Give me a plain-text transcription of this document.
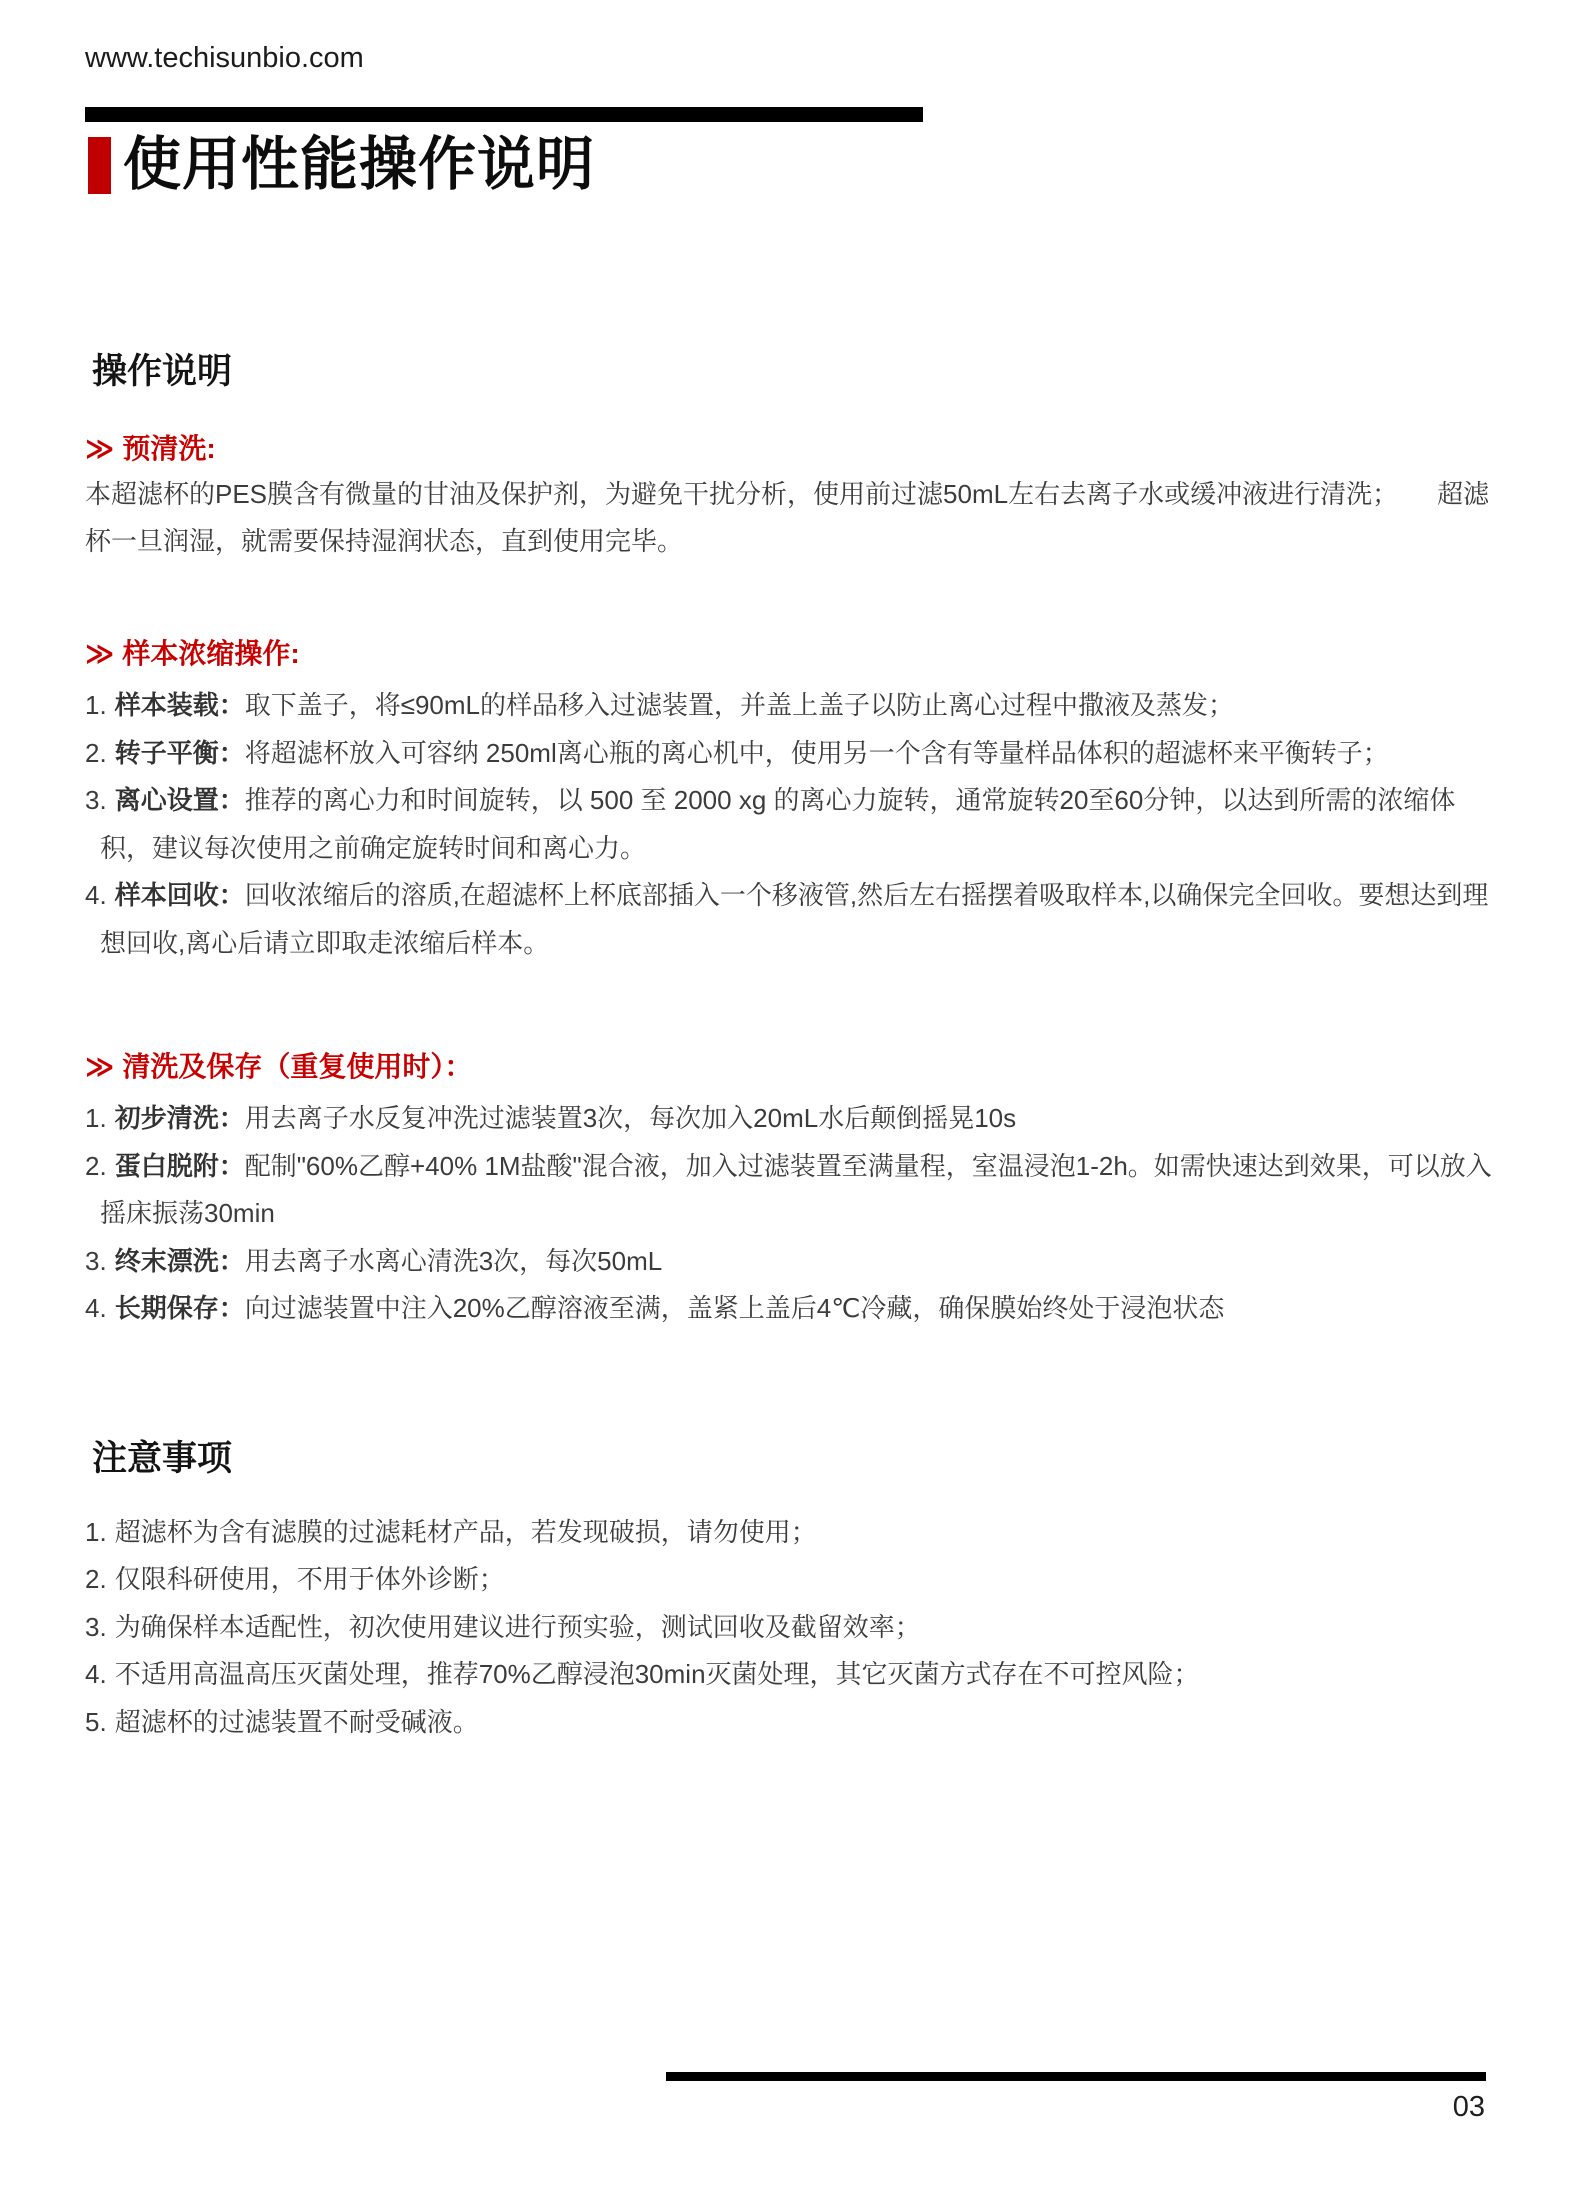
www.techisunbio.com
使用性能操作说明
操作说明
≫ 预清洗:

本超滤杯的PES膜含有微量的甘油及保护剂，为避免干扰分析，使用前过滤50mL左右去离子水或缓冲液进行清洗；　　超滤杯一旦润湿，就需要保持湿润状态，直到使用完毕。

≫ 样本浓缩操作:
1. 样本装载：取下盖子，将≤90mL的样品移入过滤装置，并盖上盖子以防止离心过程中撒液及蒸发；
2. 转子平衡：将超滤杯放入可容纳 250ml离心瓶的离心机中，使用另一个含有等量样品体积的超滤杯来平衡转子；
3. 离心设置：推荐的离心力和时间旋转，以 500 至 2000 xg 的离心力旋转，通常旋转20至60分钟，以达到所需的浓缩体积，建议每次使用之前确定旋转时间和离心力。
4. 样本回收：回收浓缩后的溶质,在超滤杯上杯底部插入一个移液管,然后左右摇摆着吸取样本,以确保完全回收。要想达到理想回收,离心后请立即取走浓缩后样本。
≫ 清洗及保存（重复使用时）：
1. 初步清洗：用去离子水反复冲洗过滤装置3次，每次加入20mL水后颠倒摇晃10s
2. 蛋白脱附：配制"60%乙醇+40% 1M盐酸"混合液，加入过滤装置至满量程，室温浸泡1-2h。如需快速达到效果，可以放入摇床振荡30min
3. 终末漂洗：用去离子水离心清洗3次，每次50mL
4. 长期保存：向过滤装置中注入20%乙醇溶液至满，盖紧上盖后4℃冷藏，确保膜始终处于浸泡状态
注意事项
1. 超滤杯为含有滤膜的过滤耗材产品，若发现破损，请勿使用；
2. 仅限科研使用，不用于体外诊断；
3. 为确保样本适配性，初次使用建议进行预实验，测试回收及截留效率；
4. 不适用高温高压灭菌处理，推荐70%乙醇浸泡30min灭菌处理，其它灭菌方式存在不可控风险；
5. 超滤杯的过滤装置不耐受碱液。
03
